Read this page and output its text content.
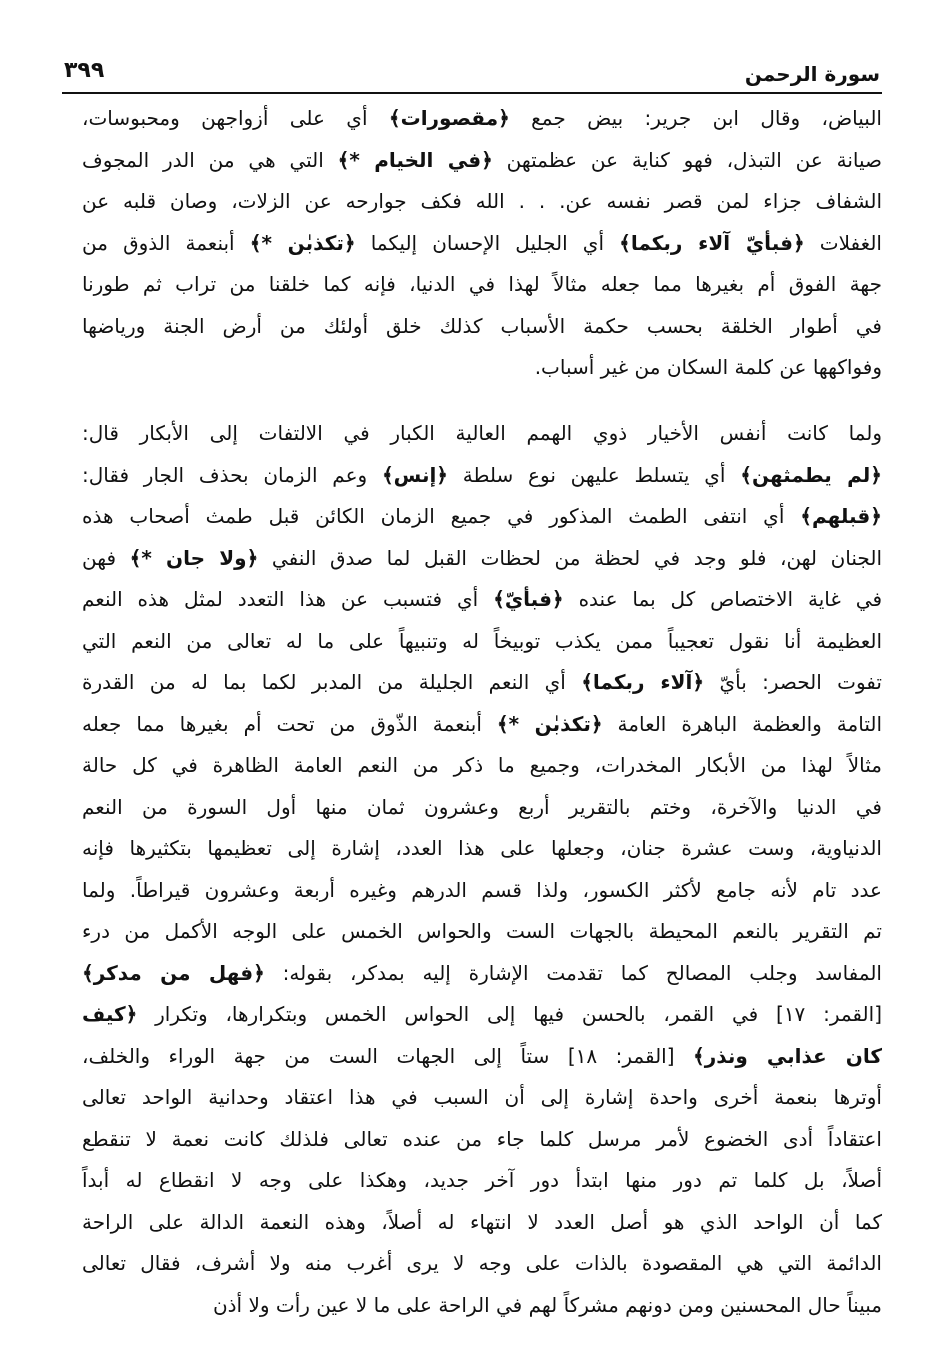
٣٩٩	سورة الرحمن
البياض، وقال ابن جرير: بيض جمع ﴿مقصورات﴾ أي على أزواجهن ومحبوسات،
صيانة عن التبذل، فهو كناية عن عظمتهن ﴿في الخيام *﴾ التي هي من الدر المجوف
الشفاف جزاء لمن قصر نفسه عن. . . الله فكف جوارحه عن الزلات، وصان قلبه عن
الغفلات ﴿فبأيّ آلاء ربكما﴾ أي الجليل الإحسان إليكما ﴿تكذبٰن *﴾ أبنعمة الذوق من
جهة الفوق أم بغيرها مما جعله مثالاً لهذا في الدنيا، فإنه كما خلقنا من تراب ثم طورنا
في أطوار الخلقة بحسب حكمة الأسباب كذلك خلق أولئك من أرض الجنة ورياضها
وفواكهها عن كلمة السكان من غير أسباب.
ولما كانت أنفس الأخيار ذوي الهمم العالية الكبار في الالتفات إلى الأبكار قال:
﴿لم يطمثهن﴾ أي يتسلط عليهن نوع سلطة ﴿إنس﴾ وعم الزمان بحذف الجار فقال:
﴿قبلهم﴾ أي انتفى الطمث المذكور في جميع الزمان الكائن قبل طمث أصحاب هذه
الجنان لهن، فلو وجد في لحظة من لحظات القبل لما صدق النفي ﴿ولا جان *﴾ فهن
في غاية الاختصاص كل بما عنده ﴿فبأيّ﴾ أي فتسبب عن هذا التعدد لمثل هذه النعم
العظيمة أنا نقول تعجيباً ممن يكذب توبيخاً له وتنبيهاً على ما له تعالى من النعم التي
تفوت الحصر: بأيّ ﴿آلاء ربكما﴾ أي النعم الجليلة من المدبر لكما بما له من القدرة
التامة والعظمة الباهرة العامة ﴿تكذبٰن *﴾ أبنعمة الذّوق من تحت أم بغيرها مما جعله
مثالاً لهذا من الأبكار المخدرات، وجميع ما ذكر من النعم العامة الظاهرة في كل حالة
في الدنيا والآخرة، وختم بالتقرير أربع وعشرون ثمان منها أول السورة من النعم
الدنياوية، وست عشرة جنان، وجعلها على هذا العدد، إشارة إلى تعظيمها بتكثيرها فإنه
عدد تام لأنه جامع لأكثر الكسور، ولذا قسم الدرهم وغيره أربعة وعشرون قيراطاً. ولما
تم التقرير بالنعم المحيطة بالجهات الست والحواس الخمس على الوجه الأكمل من درء
المفاسد وجلب المصالح كما تقدمت الإشارة إليه بمدكر، بقوله: ﴿فهل من مدكر﴾
[القمر: ١٧] في القمر، بالحسن فيها إلى الحواس الخمس وبتكرارها، وتكرار ﴿كيف
كان عذابي ونذر﴾ [القمر: ١٨] ستاً إلى الجهات الست من جهة الوراء والخلف،
أوترها بنعمة أخرى واحدة إشارة إلى أن السبب في هذا اعتقاد وحدانية الواحد تعالى
اعتقاداً أدى الخضوع لأمر مرسل كلما جاء من عنده تعالى فلذلك كانت نعمة لا تنقطع
أصلاً، بل كلما تم دور منها ابتدأ دور آخر جديد، وهكذا على وجه لا انقطاع له أبداً
كما أن الواحد الذي هو أصل العدد لا انتهاء له أصلاً، وهذه النعمة الدالة على الراحة
الدائمة التي هي المقصودة بالذات على وجه لا يرى أغرب منه ولا أشرف، فقال تعالى
مبيناً حال المحسنين ومن دونهم مشركاً لهم في الراحة على ما لا عين رأت ولا أذن
